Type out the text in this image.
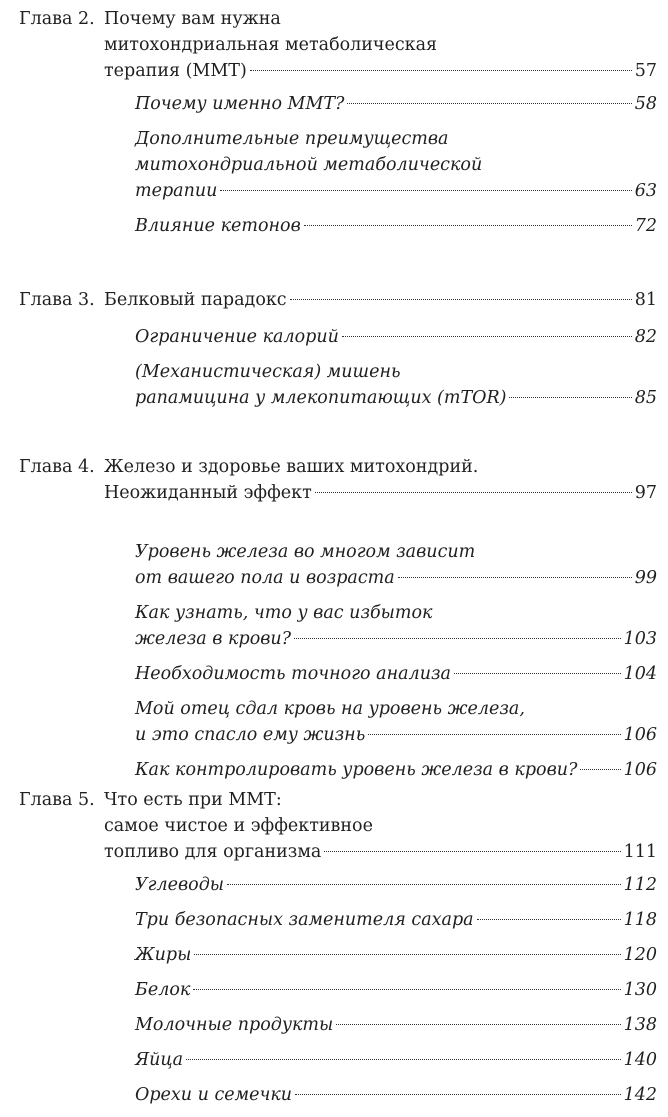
Глава 2. Почему вам нужна
митохондриальная метаболическая
терапия (ММТ)	57
Почему именно ММТ?	58
Дополнительные преимущества
митохондриальной метаболической
терапии	63
Влияние кетонов	72
Глава 3. Белковый парадокс	81
Ограничение калорий	82
(Механистическая) мишень
рапамицина у млекопитающих (mTOR)	85
Глава 4. Железо и здоровье ваших митохондрий.
Неожиданный эффект	97
Уровень железа во многом зависит
от вашего пола и возраста	99
Как узнать, что у вас избыток
железа в крови?	103
Необходимость точного анализа	104
Мой отец сдал кровь на уровень железа,
и это спасло ему жизнь	106
Как контролировать уровень железа в крови?	106
Глава 5. Что есть при ММТ:
самое чистое и эффективное
топливо для организма	111
Углеводы	112
Три безопасных заменителя сахара	118
Жиры	120
Белок	130
Молочные продукты	138
Яйца	140
Орехи и семечки	142
